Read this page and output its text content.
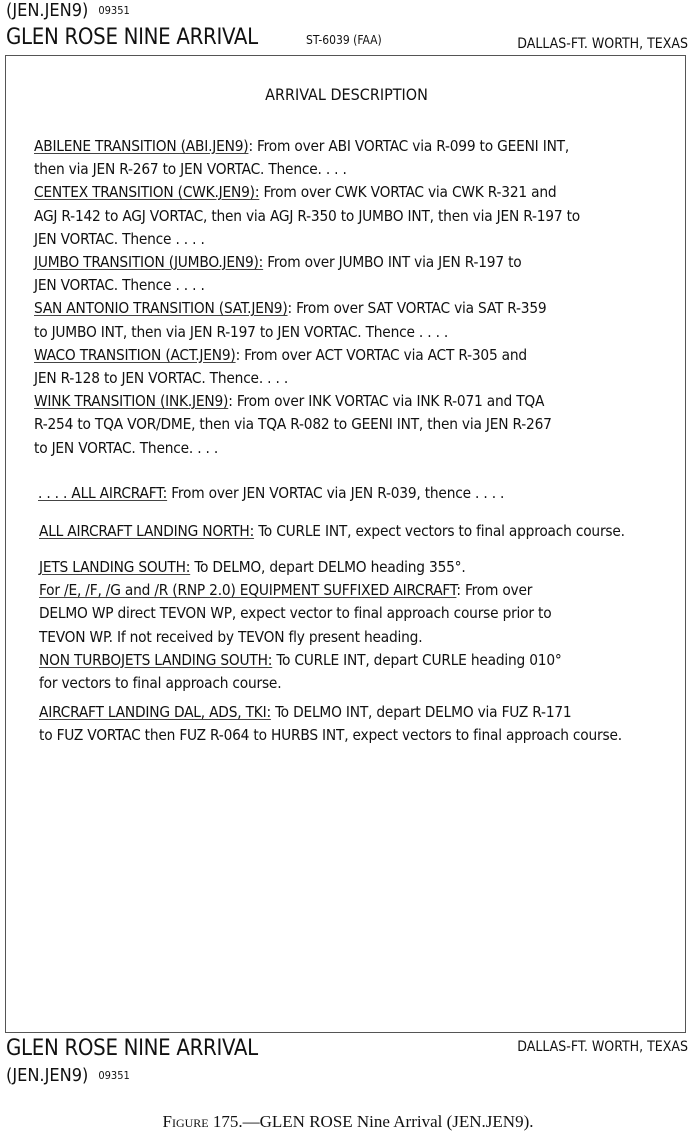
(JEN.JEN9) 09351
GLEN ROSE NINE ARRIVAL	ST-6039 (FAA)	DALLAS-FT. WORTH, TEXAS
ARRIVAL DESCRIPTION
ABILENE TRANSITION (ABI.JEN9): From over ABI VORTAC via R-099 to GEENI INT,
then via JEN R-267 to JEN VORTAC. Thence. . . .
CENTEX TRANSITION (CWK.JEN9): From over CWK VORTAC via CWK R-321 and
AGJ R-142 to AGJ VORTAC, then via AGJ R-350 to JUMBO INT, then via JEN R-197 to
JEN VORTAC. Thence . . . .
JUMBO TRANSITION (JUMBO.JEN9): From over JUMBO INT via JEN R-197 to
JEN VORTAC. Thence . . . .
SAN ANTONIO TRANSITION (SAT.JEN9): From over SAT VORTAC via SAT R-359
to JUMBO INT, then via JEN R-197 to JEN VORTAC. Thence . . . .
WACO TRANSITION (ACT.JEN9): From over ACT VORTAC via ACT R-305 and
JEN R-128 to JEN VORTAC. Thence. . . .
WINK TRANSITION (INK.JEN9): From over INK VORTAC via INK R-071 and TQA
R-254 to TQA VOR/DME, then via TQA R-082 to GEENI INT, then via JEN R-267
to JEN VORTAC. Thence. . . .
. . . . ALL AIRCRAFT: From over JEN VORTAC via JEN R-039, thence . . . .
ALL AIRCRAFT LANDING NORTH: To CURLE INT, expect vectors to final approach course.
JETS LANDING SOUTH: To DELMO, depart DELMO heading 355°.
For /E, /F, /G and /R (RNP 2.0) EQUIPMENT SUFFIXED AIRCRAFT: From over
DELMO WP direct TEVON WP, expect vector to final approach course prior to
TEVON WP. If not received by TEVON fly present heading.
NON TURBOJETS LANDING SOUTH: To CURLE INT, depart CURLE heading 010°
for vectors to final approach course.
AIRCRAFT LANDING DAL, ADS, TKI: To DELMO INT, depart DELMO via FUZ R-171
to FUZ VORTAC then FUZ R-064 to HURBS INT, expect vectors to final approach course.
GLEN ROSE NINE ARRIVAL	DALLAS-FT. WORTH, TEXAS
(JEN.JEN9) 09351
Figure 175.—GLEN ROSE Nine Arrival (JEN.JEN9).
